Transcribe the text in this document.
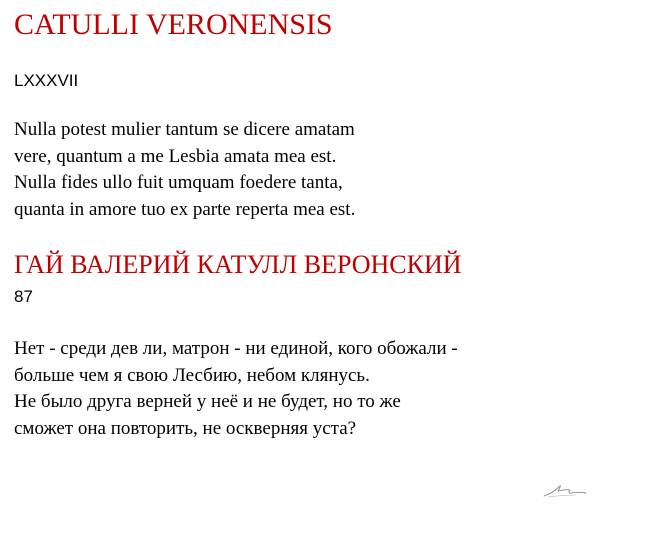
CATULLI VERONENSIS
LXXXVII
Nulla potest mulier tantum se dicere amatam
vere, quantum a me Lesbia amata mea est.
Nulla fides ullo fuit umquam foedere tanta,
quanta in amore tuo ex parte reperta mea est.
ГАЙ ВАЛЕРИЙ КАТУЛЛ ВЕРОНСКИЙ
87
Нет - среди дев ли, матрон - ни единой, кого обожали -
больше чем я свою Лесбию, небом клянусь.
Не было друга верней у неё и не будет, но то же
сможет она повторить, не оскверняя уста?
